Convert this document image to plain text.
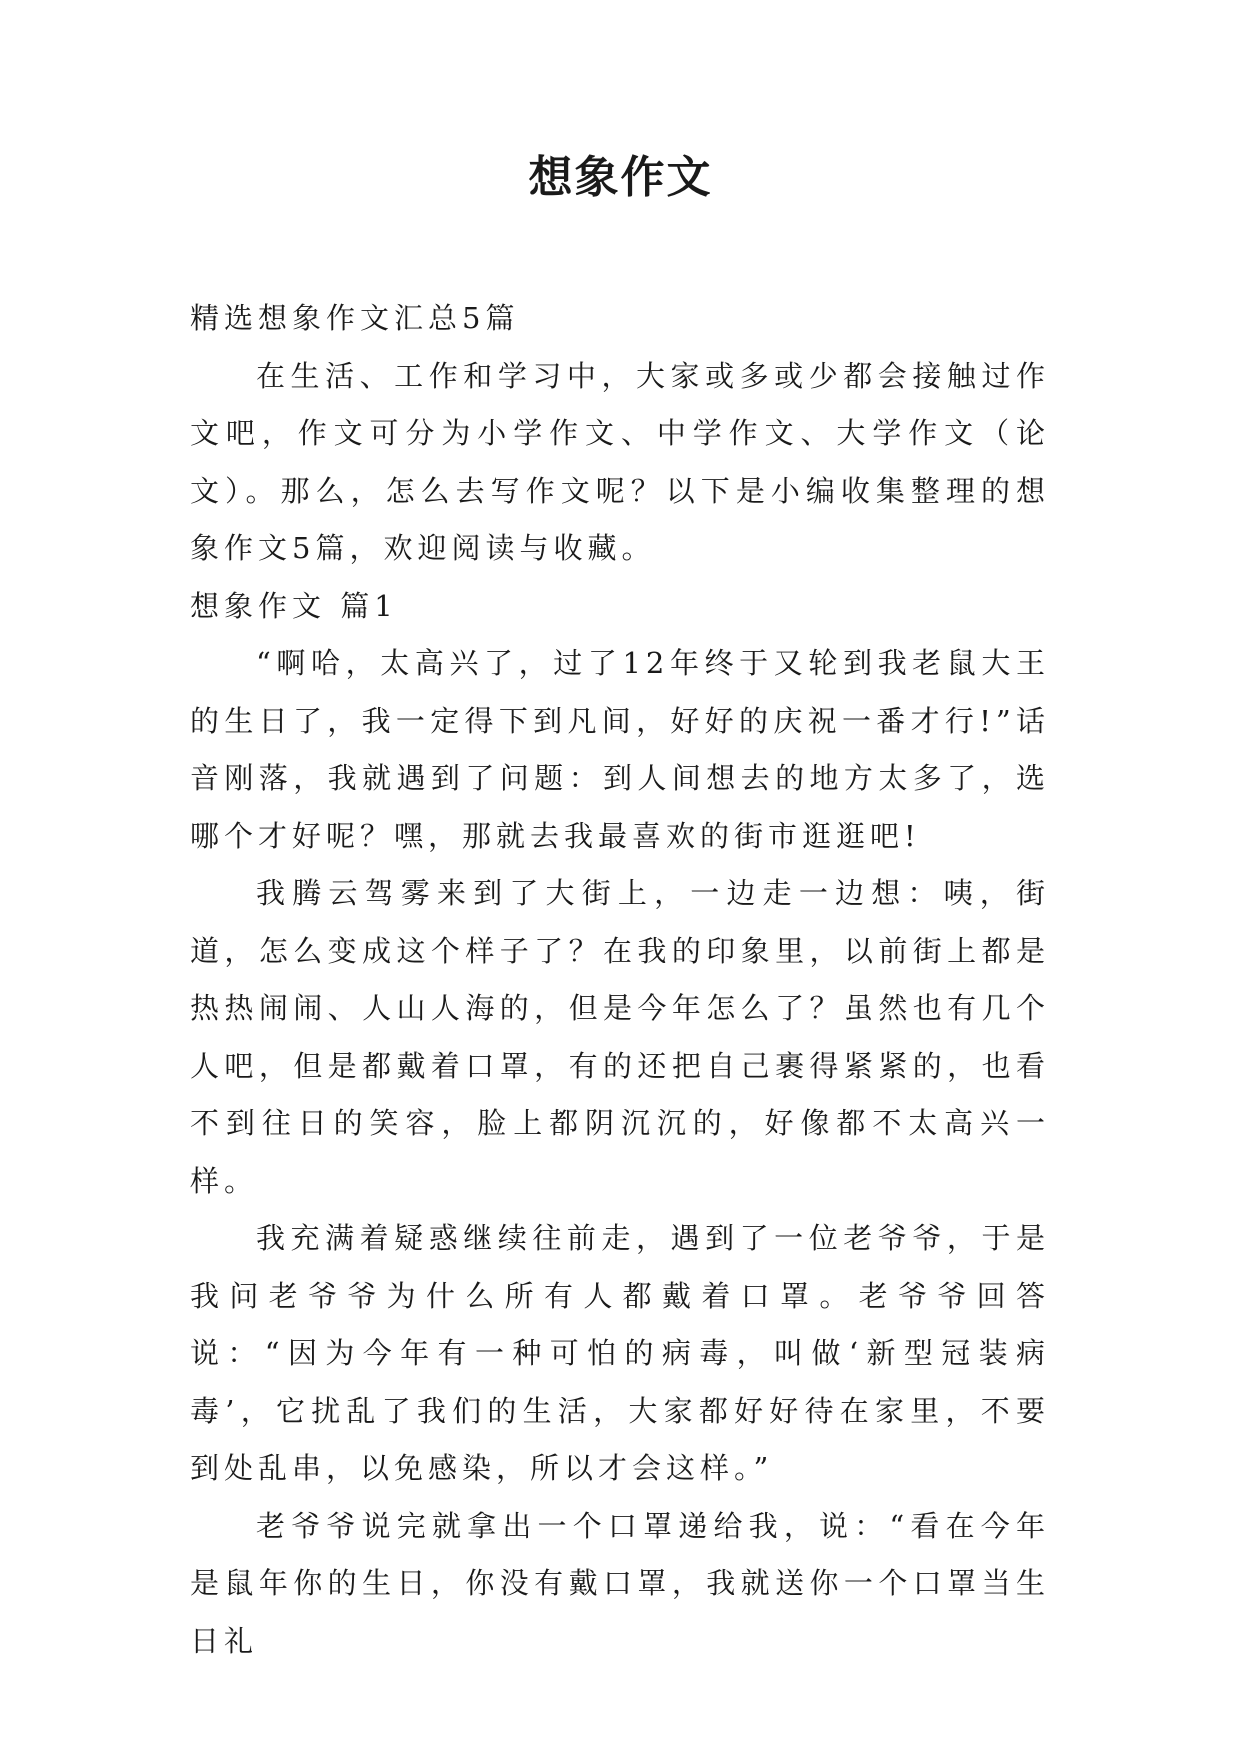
想象作文

精选想象作文汇总5篇

在生活、工作和学习中，大家或多或少都会接触过作文吧，作文可分为小学作文、中学作文、大学作文（论文）。那么，怎么去写作文呢？以下是小编收集整理的想象作文5篇，欢迎阅读与收藏。

想象作文 篇1

“啊哈，太高兴了，过了12年终于又轮到我老鼠大王的生日了，我一定得下到凡间，好好的庆祝一番才行!”话音刚落，我就遇到了问题：到人间想去的地方太多了，选哪个才好呢？嘿，那就去我最喜欢的街市逛逛吧!

我腾云驾雾来到了大街上，一边走一边想：咦，街道，怎么变成这个样子了？在我的印象里，以前街上都是热热闹闹、人山人海的，但是今年怎么了？虽然也有几个人吧，但是都戴着口罩，有的还把自己裹得紧紧的，也看不到往日的笑容，脸上都阴沉沉的，好像都不太高兴一样。

我充满着疑惑继续往前走，遇到了一位老爷爷，于是我问老爷爷为什么所有人都戴着口罩。老爷爷回答说：“因为今年有一种可怕的病毒，叫做‘新型冠装病毒’，它扰乱了我们的生活，大家都好好待在家里，不要到处乱串，以免感染，所以才会这样。”

老爷爷说完就拿出一个口罩递给我，说：“看在今年是鼠年你的生日，你没有戴口罩，我就送你一个口罩当生日礼
